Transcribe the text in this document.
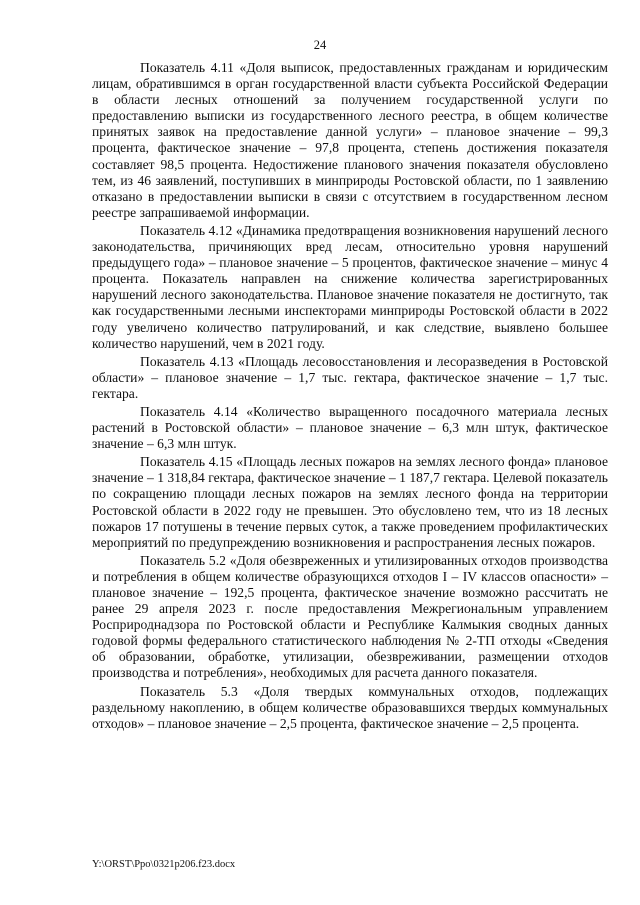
24

Показатель 4.11 «Доля выписок, предоставленных гражданам и юридическим лицам, обратившимся в орган государственной власти субъекта Российской Федерации в области лесных отношений за получением государственной услуги по предоставлению выписки из государственного лесного реестра, в общем количестве принятых заявок на предоставление данной услуги» – плановое значение – 99,3 процента, фактическое значение – 97,8 процента, степень достижения показателя составляет 98,5 процента. Недостижение планового значения показателя обусловлено тем, из 46 заявлений, поступивших в минприроды Ростовской области, по 1 заявлению отказано в предоставлении выписки в связи с отсутствием в государственном лесном реестре запрашиваемой информации.

Показатель 4.12 «Динамика предотвращения возникновения нарушений лесного законодательства, причиняющих вред лесам, относительно уровня нарушений предыдущего года» – плановое значение – 5 процентов, фактическое значение – минус 4 процента. Показатель направлен на снижение количества зарегистрированных нарушений лесного законодательства. Плановое значение показателя не достигнуто, так как государственными лесными инспекторами минприроды Ростовской области в 2022 году увеличено количество патрулирований, и как следствие, выявлено большее количество нарушений, чем в 2021 году.

Показатель 4.13 «Площадь лесовосстановления и лесоразведения в Ростовской области» – плановое значение – 1,7 тыс. гектара, фактическое значение – 1,7 тыс. гектара.

Показатель 4.14 «Количество выращенного посадочного материала лесных растений в Ростовской области» – плановое значение – 6,3 млн штук, фактическое значение – 6,3 млн штук.

Показатель 4.15 «Площадь лесных пожаров на землях лесного фонда» плановое значение – 1 318,84 гектара, фактическое значение – 1 187,7 гектара. Целевой показатель по сокращению площади лесных пожаров на землях лесного фонда на территории Ростовской области в 2022 году не превышен. Это обусловлено тем, что из 18 лесных пожаров 17 потушены в течение первых суток, а также проведением профилактических мероприятий по предупреждению возникновения и распространения лесных пожаров.

Показатель 5.2 «Доля обезвреженных и утилизированных отходов производства и потребления в общем количестве образующихся отходов I – IV классов опасности» – плановое значение – 192,5 процента, фактическое значение возможно рассчитать не ранее 29 апреля 2023 г. после предоставления Межрегиональным управлением Росприроднадзора по Ростовской области и Республике Калмыкия сводных данных годовой формы федерального статистического наблюдения № 2-ТП отходы «Сведения об образовании, обработке, утилизации, обезвреживании, размещении отходов производства и потребления», необходимых для расчета данного показателя.

Показатель 5.3 «Доля твердых коммунальных отходов, подлежащих раздельному накоплению, в общем количестве образовавшихся твердых коммунальных отходов» – плановое значение – 2,5 процента, фактическое значение – 2,5 процента.

Y:\ORST\Ppo\0321p206.f23.docx
